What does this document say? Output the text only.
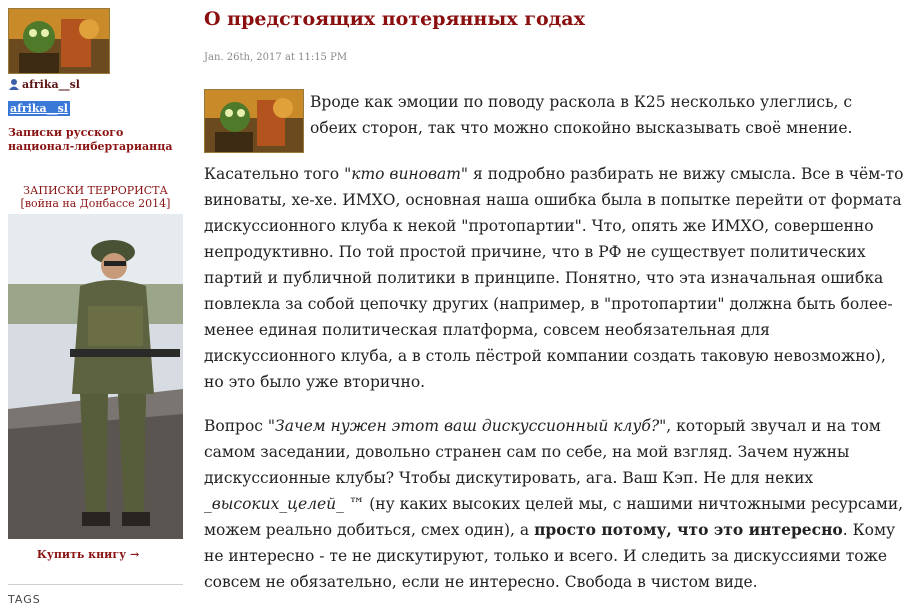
afrika__sl
afrika__sl
Записки русского национал-либертарианца
ЗАПИСКИ ТЕРРОРИСТА
[война на Донбассе 2014]
Купить книгу →
TAGS
О предстоящих потерянных годах
Jan. 26th, 2017 at 11:15 PM

Вроде как эмоции по поводу раскола в К25 несколько улеглись, с обеих сторон, так что можно спокойно высказывать своё мнение.

Касательно того "кто виноват" я подробно разбирать не вижу смысла. Все в чём-то виноваты, хе-хе. ИМХО, основная наша ошибка была в попытке перейти от формата дискуссионного клуба к некой "протопартии". Что, опять же ИМХО, совершенно непродуктивно. По той простой причине, что в РФ не существует политических партий и публичной политики в принципе. Понятно, что эта изначальная ошибка повлекла за собой цепочку других (например, в "протопартии" должна быть более-менее единая политическая платформа, совсем необязательная для дискуссионного клуба, а в столь пёстрой компании создать таковую невозможно), но это было уже вторично.

Вопрос "Зачем нужен этот ваш дискуссионный клуб?", который звучал и на том самом заседании, довольно странен сам по себе, на мой взгляд. Зачем нужны дискуссионные клубы? Чтобы дискутировать, ага. Ваш Кэп. Не для неких _высоких_целей_ ™ (ну каких высоких целей мы, с нашими ничтожными ресурсами, можем реально добиться, смех один), а просто потому, что это интересно. Кому не интересно - те не дискутируют, только и всего. И следить за дискуссиями тоже совсем не обязательно, если не интересно. Свобода в чистом виде.
